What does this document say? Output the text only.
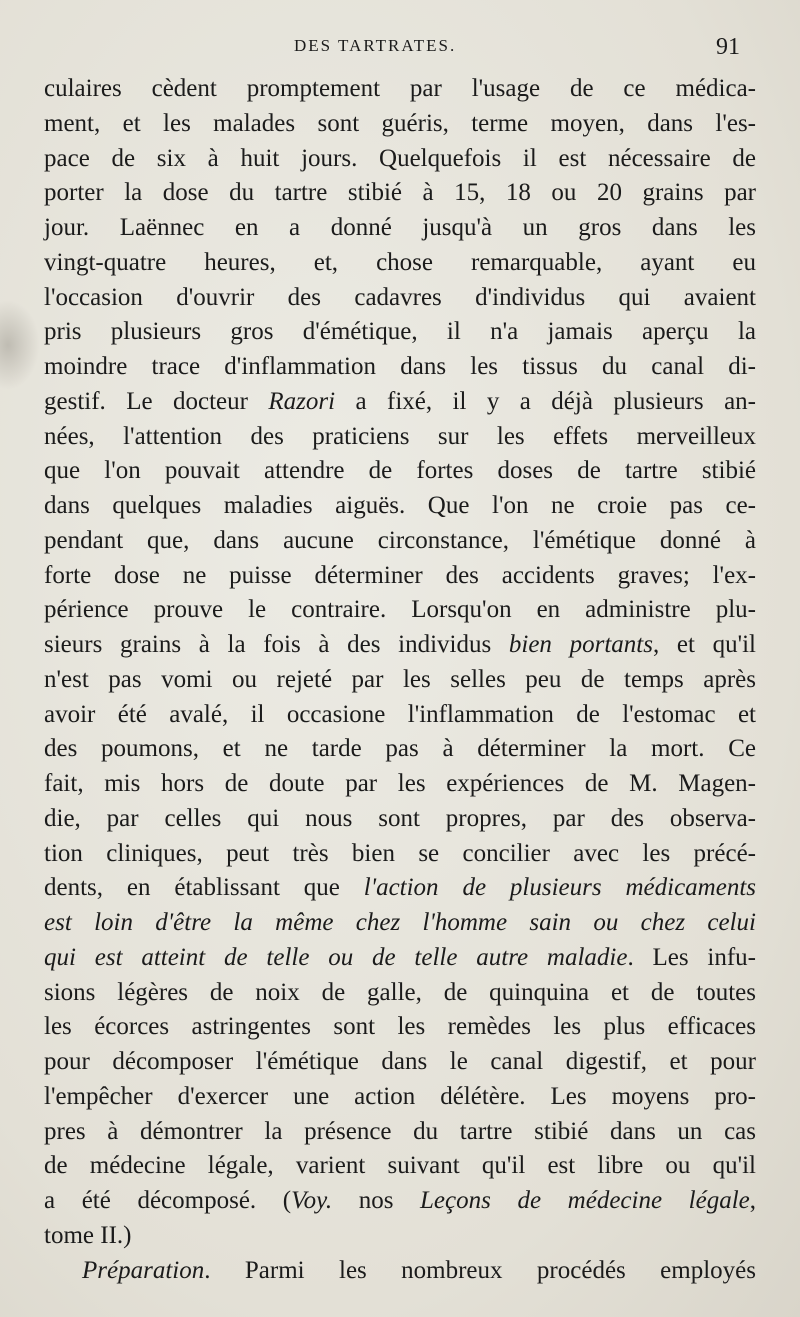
DES TARTRATES.	91
culaires cèdent promptement par l'usage de ce médica-
ment, et les malades sont guéris, terme moyen, dans l'es-
pace de six à huit jours. Quelquefois il est nécessaire de
porter la dose du tartre stibié à 15, 18 ou 20 grains par
jour. Laënnec en a donné jusqu'à un gros dans les
vingt-quatre heures, et, chose remarquable, ayant eu
l'occasion d'ouvrir des cadavres d'individus qui avaient
pris plusieurs gros d'émétique, il n'a jamais aperçu la
moindre trace d'inflammation dans les tissus du canal di-
gestif. Le docteur Razori a fixé, il y a déjà plusieurs an-
nées, l'attention des praticiens sur les effets merveilleux
que l'on pouvait attendre de fortes doses de tartre stibié
dans quelques maladies aiguës. Que l'on ne croie pas ce-
pendant que, dans aucune circonstance, l'émétique donné à
forte dose ne puisse déterminer des accidents graves; l'ex-
périence prouve le contraire. Lorsqu'on en administre plu-
sieurs grains à la fois à des individus bien portants, et qu'il
n'est pas vomi ou rejeté par les selles peu de temps après
avoir été avalé, il occasione l'inflammation de l'estomac et
des poumons, et ne tarde pas à déterminer la mort. Ce
fait, mis hors de doute par les expériences de M. Magen-
die, par celles qui nous sont propres, par des observa-
tion cliniques, peut très bien se concilier avec les précé-
dents, en établissant que l'action de plusieurs médicaments
est loin d'être la même chez l'homme sain ou chez celui
qui est atteint de telle ou de telle autre maladie. Les infu-
sions légères de noix de galle, de quinquina et de toutes
les écorces astringentes sont les remèdes les plus efficaces
pour décomposer l'émétique dans le canal digestif, et pour
l'empêcher d'exercer une action délétère. Les moyens pro-
pres à démontrer la présence du tartre stibié dans un cas
de médecine légale, varient suivant qu'il est libre ou qu'il
a été décomposé. (Voy. nos Leçons de médecine légale,
tome II.)
Préparation. Parmi les nombreux procédés employés
